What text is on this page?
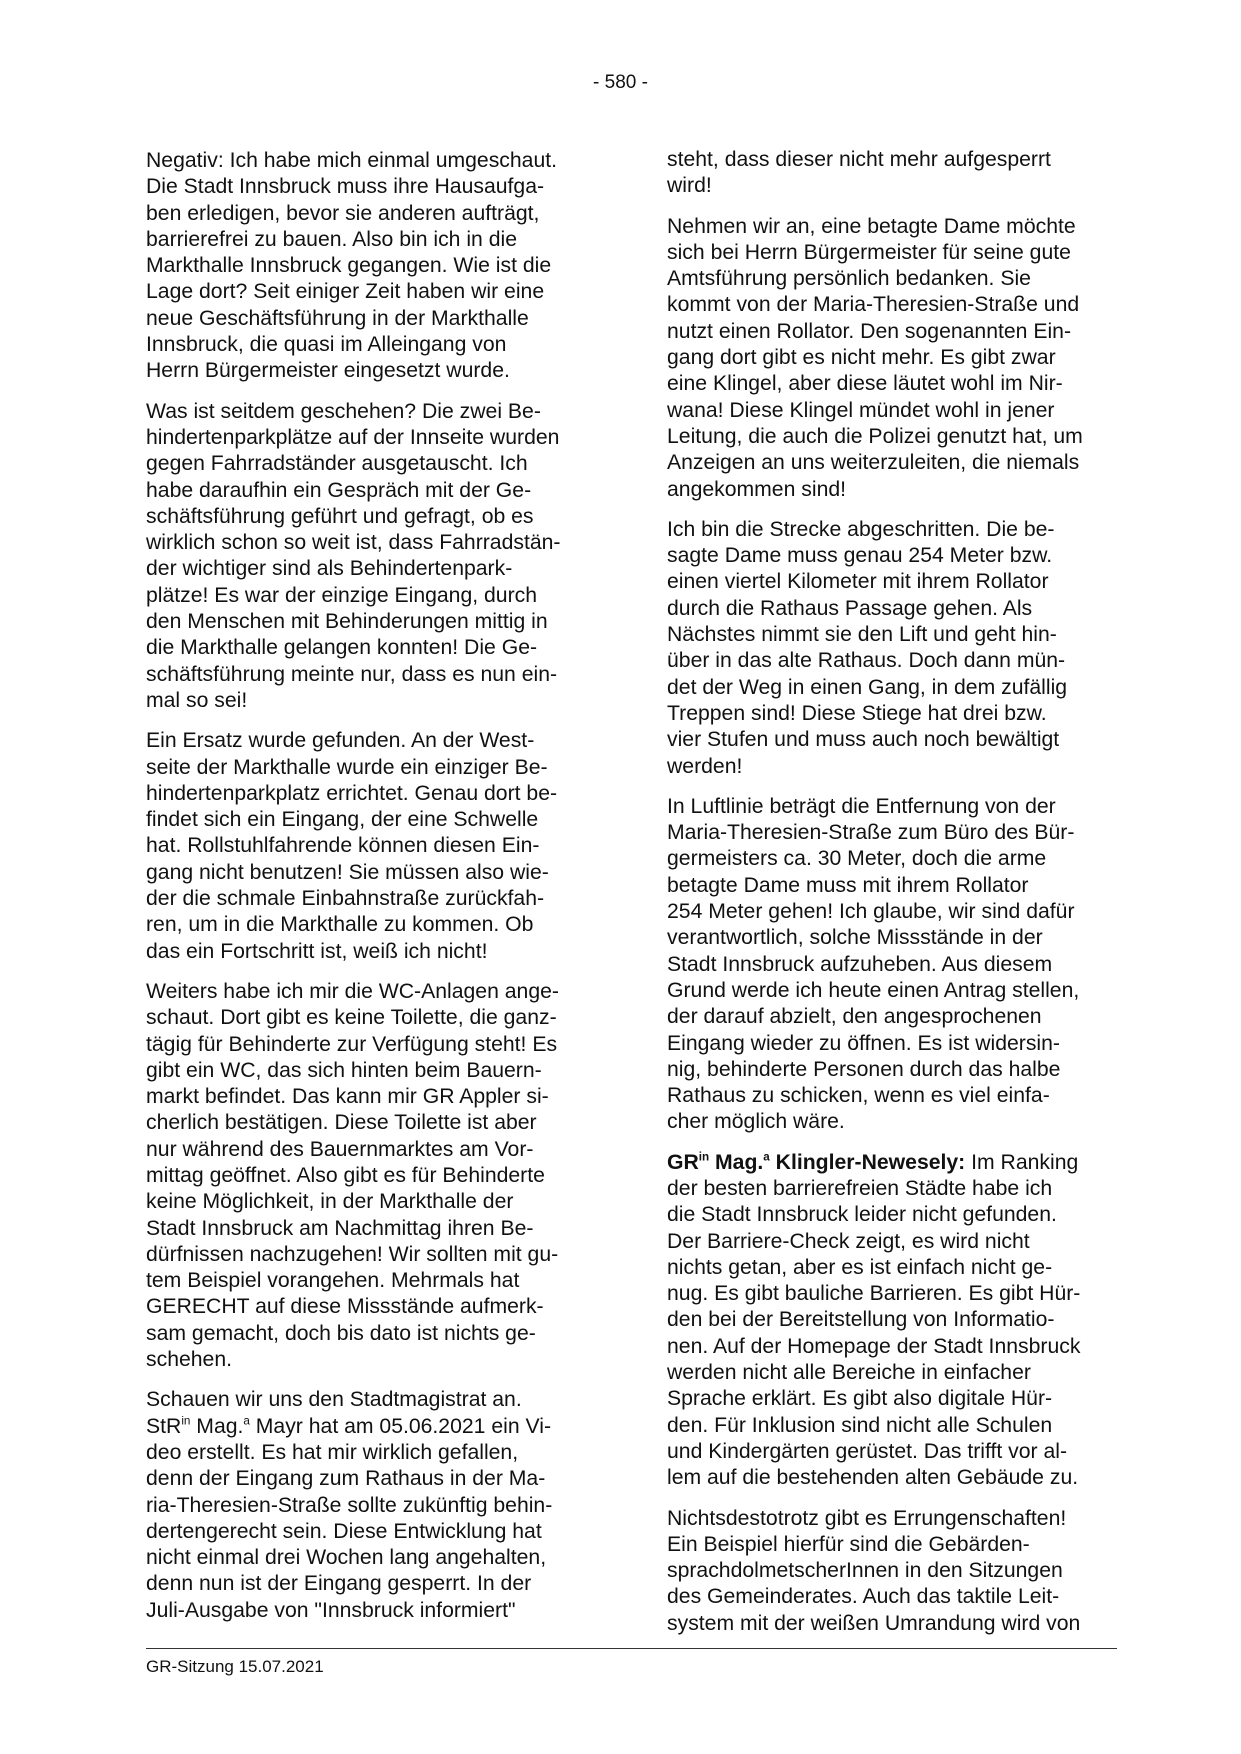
- 580 -

Negativ: Ich habe mich einmal umgeschaut.
Die Stadt Innsbruck muss ihre Hausaufga-
ben erledigen, bevor sie anderen aufträgt,
barrierefrei zu bauen. Also bin ich in die
Markthalle Innsbruck gegangen. Wie ist die
Lage dort? Seit einiger Zeit haben wir eine
neue Geschäftsführung in der Markthalle
Innsbruck, die quasi im Alleingang von
Herrn Bürgermeister eingesetzt wurde.

Was ist seitdem geschehen? Die zwei Be-
hindertenparkplätze auf der Innseite wurden
gegen Fahrradständer ausgetauscht. Ich
habe daraufhin ein Gespräch mit der Ge-
schäftsführung geführt und gefragt, ob es
wirklich schon so weit ist, dass Fahrradstän-
der wichtiger sind als Behindertenpark-
plätze! Es war der einzige Eingang, durch
den Menschen mit Behinderungen mittig in
die Markthalle gelangen konnten! Die Ge-
schäftsführung meinte nur, dass es nun ein-
mal so sei!

Ein Ersatz wurde gefunden. An der West-
seite der Markthalle wurde ein einziger Be-
hindertenparkplatz errichtet. Genau dort be-
findet sich ein Eingang, der eine Schwelle
hat. Rollstuhlfahrende können diesen Ein-
gang nicht benutzen! Sie müssen also wie-
der die schmale Einbahnstraße zurückfah-
ren, um in die Markthalle zu kommen. Ob
das ein Fortschritt ist, weiß ich nicht!

Weiters habe ich mir die WC-Anlagen ange-
schaut. Dort gibt es keine Toilette, die ganz-
tägig für Behinderte zur Verfügung steht! Es
gibt ein WC, das sich hinten beim Bauern-
markt befindet. Das kann mir GR Appler si-
cherlich bestätigen. Diese Toilette ist aber
nur während des Bauernmarktes am Vor-
mittag geöffnet. Also gibt es für Behinderte
keine Möglichkeit, in der Markthalle der
Stadt Innsbruck am Nachmittag ihren Be-
dürfnissen nachzugehen! Wir sollten mit gu-
tem Beispiel vorangehen. Mehrmals hat
GERECHT auf diese Missstände aufmerk-
sam gemacht, doch bis dato ist nichts ge-
schehen.

Schauen wir uns den Stadtmagistrat an.
StR$^{in}$ Mag.$^a$ Mayr hat am 05.06.2021 ein Vi-
deo erstellt. Es hat mir wirklich gefallen,
denn der Eingang zum Rathaus in der Ma-
ria-Theresien-Straße sollte zukünftig behin-
dertengerecht sein. Diese Entwicklung hat
nicht einmal drei Wochen lang angehalten,
denn nun ist der Eingang gesperrt. In der
Juli-Ausgabe von "Innsbruck informiert"

steht, dass dieser nicht mehr aufgesperrt
wird!

Nehmen wir an, eine betagte Dame möchte
sich bei Herrn Bürgermeister für seine gute
Amtsführung persönlich bedanken. Sie
kommt von der Maria-Theresien-Straße und
nutzt einen Rollator. Den sogenannten Ein-
gang dort gibt es nicht mehr. Es gibt zwar
eine Klingel, aber diese läutet wohl im Nir-
wana! Diese Klingel mündet wohl in jener
Leitung, die auch die Polizei genutzt hat, um
Anzeigen an uns weiterzuleiten, die niemals
angekommen sind!

Ich bin die Strecke abgeschritten. Die be-
sagte Dame muss genau 254 Meter bzw.
einen viertel Kilometer mit ihrem Rollator
durch die Rathaus Passage gehen. Als
Nächstes nimmt sie den Lift und geht hin-
über in das alte Rathaus. Doch dann mün-
det der Weg in einen Gang, in dem zufällig
Treppen sind! Diese Stiege hat drei bzw.
vier Stufen und muss auch noch bewältigt
werden!

In Luftlinie beträgt die Entfernung von der
Maria-Theresien-Straße zum Büro des Bür-
germeisters ca. 30 Meter, doch die arme
betagte Dame muss mit ihrem Rollator
254 Meter gehen! Ich glaube, wir sind dafür
verantwortlich, solche Missstände in der
Stadt Innsbruck aufzuheben. Aus diesem
Grund werde ich heute einen Antrag stellen,
der darauf abzielt, den angesprochenen
Eingang wieder zu öffnen. Es ist widersin-
nig, behinderte Personen durch das halbe
Rathaus zu schicken, wenn es viel einfa-
cher möglich wäre.

$GR^{in}$ Mag.$^a$ Klingler-Newesely: Im Ranking
der besten barrierefreien Städte habe ich
die Stadt Innsbruck leider nicht gefunden.
Der Barriere-Check zeigt, es wird nicht
nichts getan, aber es ist einfach nicht ge-
nug. Es gibt bauliche Barrieren. Es gibt Hür-
den bei der Bereitstellung von Informatio-
nen. Auf der Homepage der Stadt Innsbruck
werden nicht alle Bereiche in einfacher
Sprache erklärt. Es gibt also digitale Hür-
den. Für Inklusion sind nicht alle Schulen
und Kindergärten gerüstet. Das trifft vor al-
lem auf die bestehenden alten Gebäude zu.

Nichtsdestotrotz gibt es Errungenschaften!
Ein Beispiel hierfür sind die Gebärden-
sprachdolmetscherInnen in den Sitzungen
des Gemeinderates. Auch das taktile Leit-
system mit der weißen Umrandung wird von

GR-Sitzung 15.07.2021
